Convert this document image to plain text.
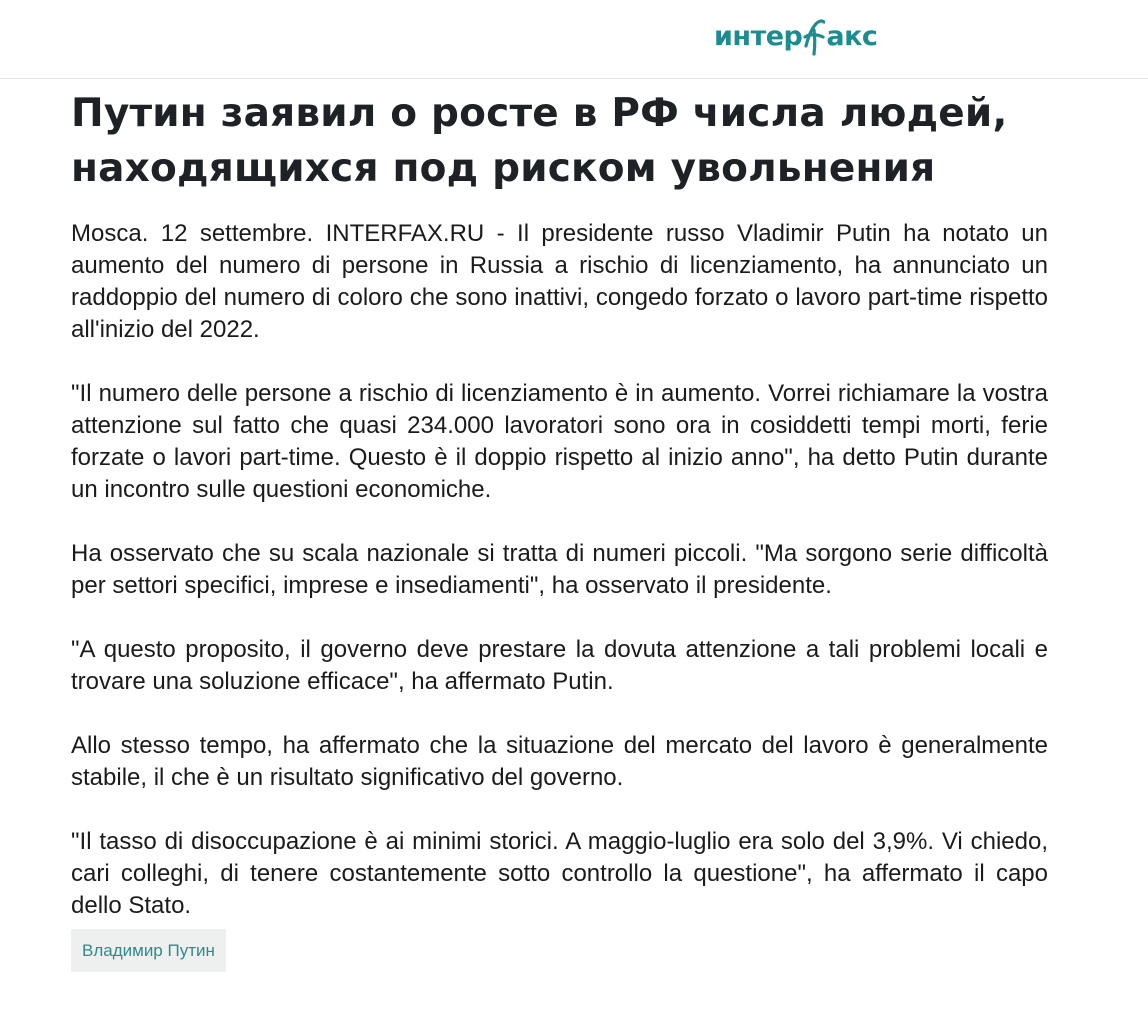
интер акс
Путин заявил о росте в РФ числа людей, находящихся под риском увольнения

Mosca. 12 settembre. INTERFAX.RU - Il presidente russo Vladimir Putin ha notato un aumento del numero di persone in Russia a rischio di licenziamento, ha annunciato un raddoppio del numero di coloro che sono inattivi, congedo forzato o lavoro part-time rispetto all'inizio del 2022.

"Il numero delle persone a rischio di licenziamento è in aumento. Vorrei richiamare la vostra attenzione sul fatto che quasi 234.000 lavoratori sono ora in cosiddetti tempi morti, ferie forzate o lavori part-time. Questo è il doppio rispetto al inizio anno", ha detto Putin durante un incontro sulle questioni economiche.

Ha osservato che su scala nazionale si tratta di numeri piccoli. "Ma sorgono serie difficoltà per settori specifici, imprese e insediamenti", ha osservato il presidente.

"A questo proposito, il governo deve prestare la dovuta attenzione a tali problemi locali e trovare una soluzione efficace", ha affermato Putin.

Allo stesso tempo, ha affermato che la situazione del mercato del lavoro è generalmente stabile, il che è un risultato significativo del governo.

"Il tasso di disoccupazione è ai minimi storici. A maggio-luglio era solo del 3,9%. Vi chiedo, cari colleghi, di tenere costantemente sotto controllo la questione", ha affermato il capo dello Stato.

Владимир Путин
